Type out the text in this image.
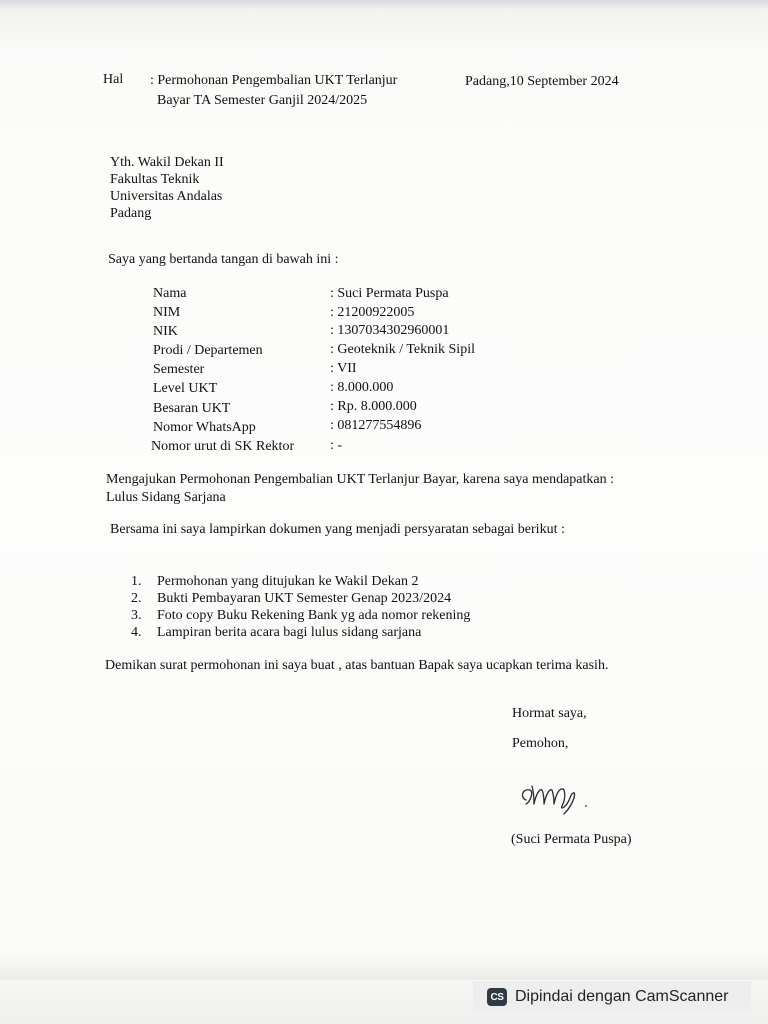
Hal : Permohonan Pengembalian UKT Terlanjur
Bayar TA Semester Ganjil 2024/2025
Padang,10 September 2024
Yth. Wakil Dekan II
Fakultas Teknik
Universitas Andalas
Padang
Saya yang bertanda tangan di bawah ini :
Nama	: Suci Permata Puspa
NIM	: 21200922005
NIK	: 1307034302960001
Prodi / Departemen	: Geoteknik / Teknik Sipil
Semester	: VII
Level UKT	: 8.000.000
Besaran UKT	: Rp. 8.000.000
Nomor WhatsApp	: 081277554896
Nomor urut di SK Rektor	: -
Mengajukan Permohonan Pengembalian UKT Terlanjur Bayar, karena saya mendapatkan :
Lulus Sidang Sarjana
Bersama ini saya lampirkan dokumen yang menjadi persyaratan sebagai berikut :
1. Permohonan yang ditujukan ke Wakil Dekan 2
2. Bukti Pembayaran UKT Semester Genap 2023/2024
3. Foto copy Buku Rekening Bank yg ada nomor rekening
4. Lampiran berita acara bagi lulus sidang sarjana
Demikan surat permohonan ini saya buat , atas bantuan Bapak saya ucapkan terima kasih.
Hormat saya,
Pemohon,
(Suci Permata Puspa)
CS Dipindai dengan CamScanner
